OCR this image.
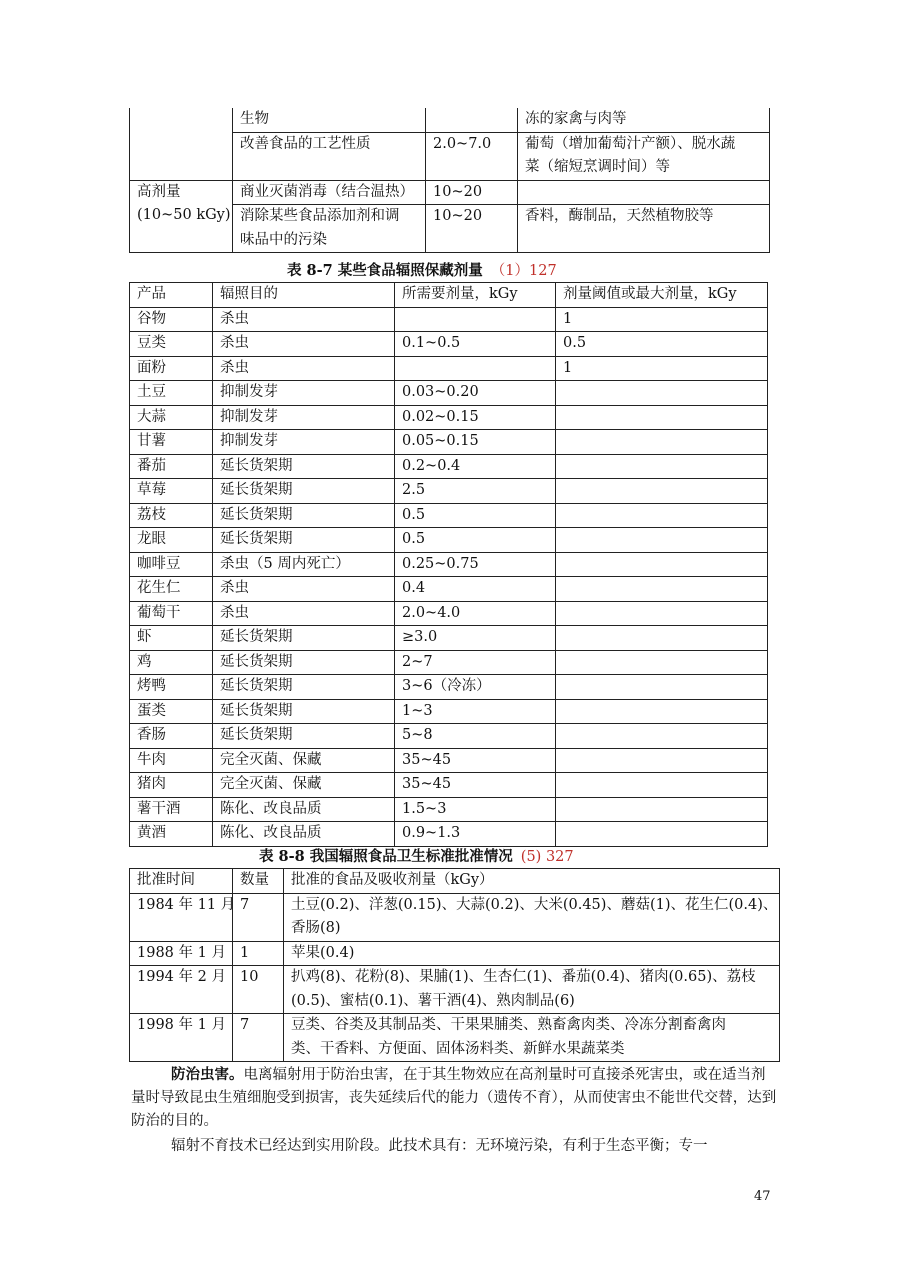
	生物		冻的家禽与肉等
	改善食品的工艺性质	2.0~7.0	葡萄（增加葡萄汁产额）、脱水蔬
菜（缩短烹调时间）等

高剂量
(10~50 kGy)	商业灭菌消毒（结合温热）	10~20	

	消除某些食品添加剂和调
味品中的污染	10~20	香料，酶制品，天然植物胶等
表 8-7 某些食品辐照保藏剂量 （1）127
产品	辐照目的	所需要剂量，kGy	剂量阈值或最大剂量，kGy
谷物	杀虫		1
豆类	杀虫	0.1~0.5	0.5
面粉	杀虫		1
土豆	抑制发芽	0.03~0.20	
大蒜	抑制发芽	0.02~0.15	
甘薯	抑制发芽	0.05~0.15	
番茄	延长货架期	0.2~0.4	
草莓	延长货架期	2.5	
荔枝	延长货架期	0.5	
龙眼	延长货架期	0.5	
咖啡豆	杀虫（5 周内死亡）	0.25~0.75	
花生仁	杀虫	0.4	
葡萄干	杀虫	2.0~4.0	
虾	延长货架期	≥3.0	
鸡	延长货架期	2~7	
烤鸭	延长货架期	3~6（冷冻）	
蛋类	延长货架期	1~3	
香肠	延长货架期	5~8	
牛肉	完全灭菌、保藏	35~45	
猪肉	完全灭菌、保藏	35~45	
薯干酒	陈化、改良品质	1.5~3	
黄酒	陈化、改良品质	0.9~1.3	
表 8-8 我国辐照食品卫生标准批准情况 (5) 327
批准时间	数量	批准的食品及吸收剂量（kGy）
1984 年 11 月	7	土豆(0.2)、洋葱(0.15)、大蒜(0.2)、大米(0.45)、蘑菇(1)、花生仁(0.4)、
香肠(8)

1988 年 1 月	1	苹果(0.4)
1994 年 2 月	10	扒鸡(8)、花粉(8)、果脯(1)、生杏仁(1)、番茄(0.4)、猪肉(0.65)、荔枝
(0.5)、蜜桔(0.1)、薯干酒(4)、熟肉制品(6)

1998 年 1 月	7	豆类、谷类及其制品类、干果果脯类、熟畜禽肉类、冷冻分割畜禽肉
类、干香料、方便面、固体汤料类、新鲜水果蔬菜类
防治虫害。电离辐射用于防治虫害，在于其生物效应在高剂量时可直接杀死害虫，或在适当剂量时导致昆虫生殖细胞受到损害，丧失延续后代的能力（遗传不育），从而使害虫不能世代交替，达到防治的目的。
辐射不育技术已经达到实用阶段。此技术具有：无环境污染，有利于生态平衡；专一
47
